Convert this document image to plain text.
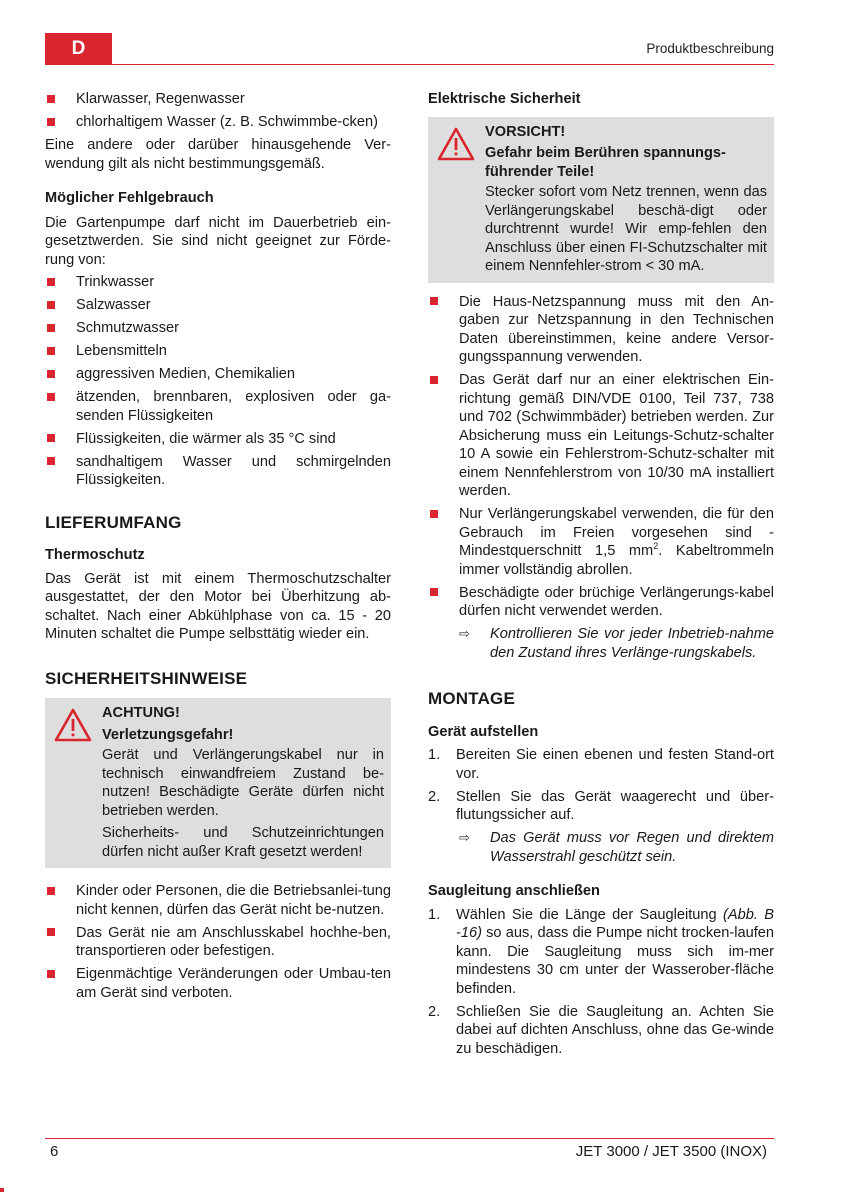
D	Produktbeschreibung
Klarwasser, Regenwasser
chlorhaltigem Wasser (z. B. Schwimmbe-cken)

Eine andere oder darüber hinausgehende Ver-wendung gilt als nicht bestimmungsgemäß.

Möglicher Fehlgebrauch

Die Gartenpumpe darf nicht im Dauerbetrieb ein-gesetztwerden. Sie sind nicht geeignet zur Förde-rung von:

Trinkwasser
Salzwasser
Schmutzwasser
Lebensmitteln
aggressiven Medien, Chemikalien
ätzenden, brennbaren, explosiven oder ga-senden Flüssigkeiten
Flüssigkeiten, die wärmer als 35 °C sind
sandhaltigem Wasser und schmirgelnden Flüssigkeiten.
LIEFERUMFANG
Thermoschutz

Das Gerät ist mit einem Thermoschutzschalter ausgestattet, der den Motor bei Überhitzung ab-schaltet. Nach einer Abkühlphase von ca. 15 - 20 Minuten schaltet die Pumpe selbsttätig wieder ein.

SICHERHEITSHINWEISE
ACHTUNG!
Verletzungsgefahr!

Gerät und Verlängerungskabel nur in technisch einwandfreiem Zustand be-nutzen! Beschädigte Geräte dürfen nicht betrieben werden.

Sicherheits- und Schutzeinrichtungen dürfen nicht außer Kraft gesetzt werden!

Kinder oder Personen, die die Betriebsanlei-tung nicht kennen, dürfen das Gerät nicht be-nutzen.
Das Gerät nie am Anschlusskabel hochhe-ben, transportieren oder befestigen.
Eigenmächtige Veränderungen oder Umbau-ten am Gerät sind verboten.
Elektrische Sicherheit
VORSICHT!
Gefahr beim Berühren spannungs-führender Teile!

Stecker sofort vom Netz trennen, wenn das Verlängerungskabel beschä-digt oder durchtrennt wurde! Wir emp-fehlen den Anschluss über einen FI-Schutzschalter mit einem Nennfehler-strom < 30 mA.

Die Haus-Netzspannung muss mit den An-gaben zur Netzspannung in den Technischen Daten übereinstimmen, keine andere Versor-gungsspannung verwenden.
Das Gerät darf nur an einer elektrischen Ein-richtung gemäß DIN/VDE 0100, Teil 737, 738 und 702 (Schwimmbäder) betrieben werden. Zur Absicherung muss ein Leitungs-Schutz-schalter 10 A sowie ein Fehlerstrom-Schutz-schalter mit einem Nennfehlerstrom von 10/30 mA installiert werden.
Nur Verlängerungskabel verwenden, die für den Gebrauch im Freien vorgesehen sind - Mindestquerschnitt 1,5 $mm^2$. Kabeltrommeln immer vollständig abrollen.
Beschädigte oder brüchige Verlängerungs-kabel dürfen nicht verwendet werden.
⇨ Kontrollieren Sie vor jeder Inbetrieb-nahme den Zustand ihres Verlänge-rungskabels.
MONTAGE
Gerät aufstellen
1. Bereiten Sie einen ebenen und festen Stand-ort vor.
2. Stellen Sie das Gerät waagerecht und über-flutungssicher auf.
⇨ Das Gerät muss vor Regen und direktem Wasserstrahl geschützt sein.
Saugleitung anschließen
1. Wählen Sie die Länge der Saugleitung (Abb. B -16) so aus, dass die Pumpe nicht trocken-laufen kann. Die Saugleitung muss sich im-mer mindestens 30 cm unter der Wasserober-fläche befinden.
2. Schließen Sie die Saugleitung an. Achten Sie dabei auf dichten Anschluss, ohne das Ge-winde zu beschädigen.
6	JET 3000 / JET 3500 (INOX)
